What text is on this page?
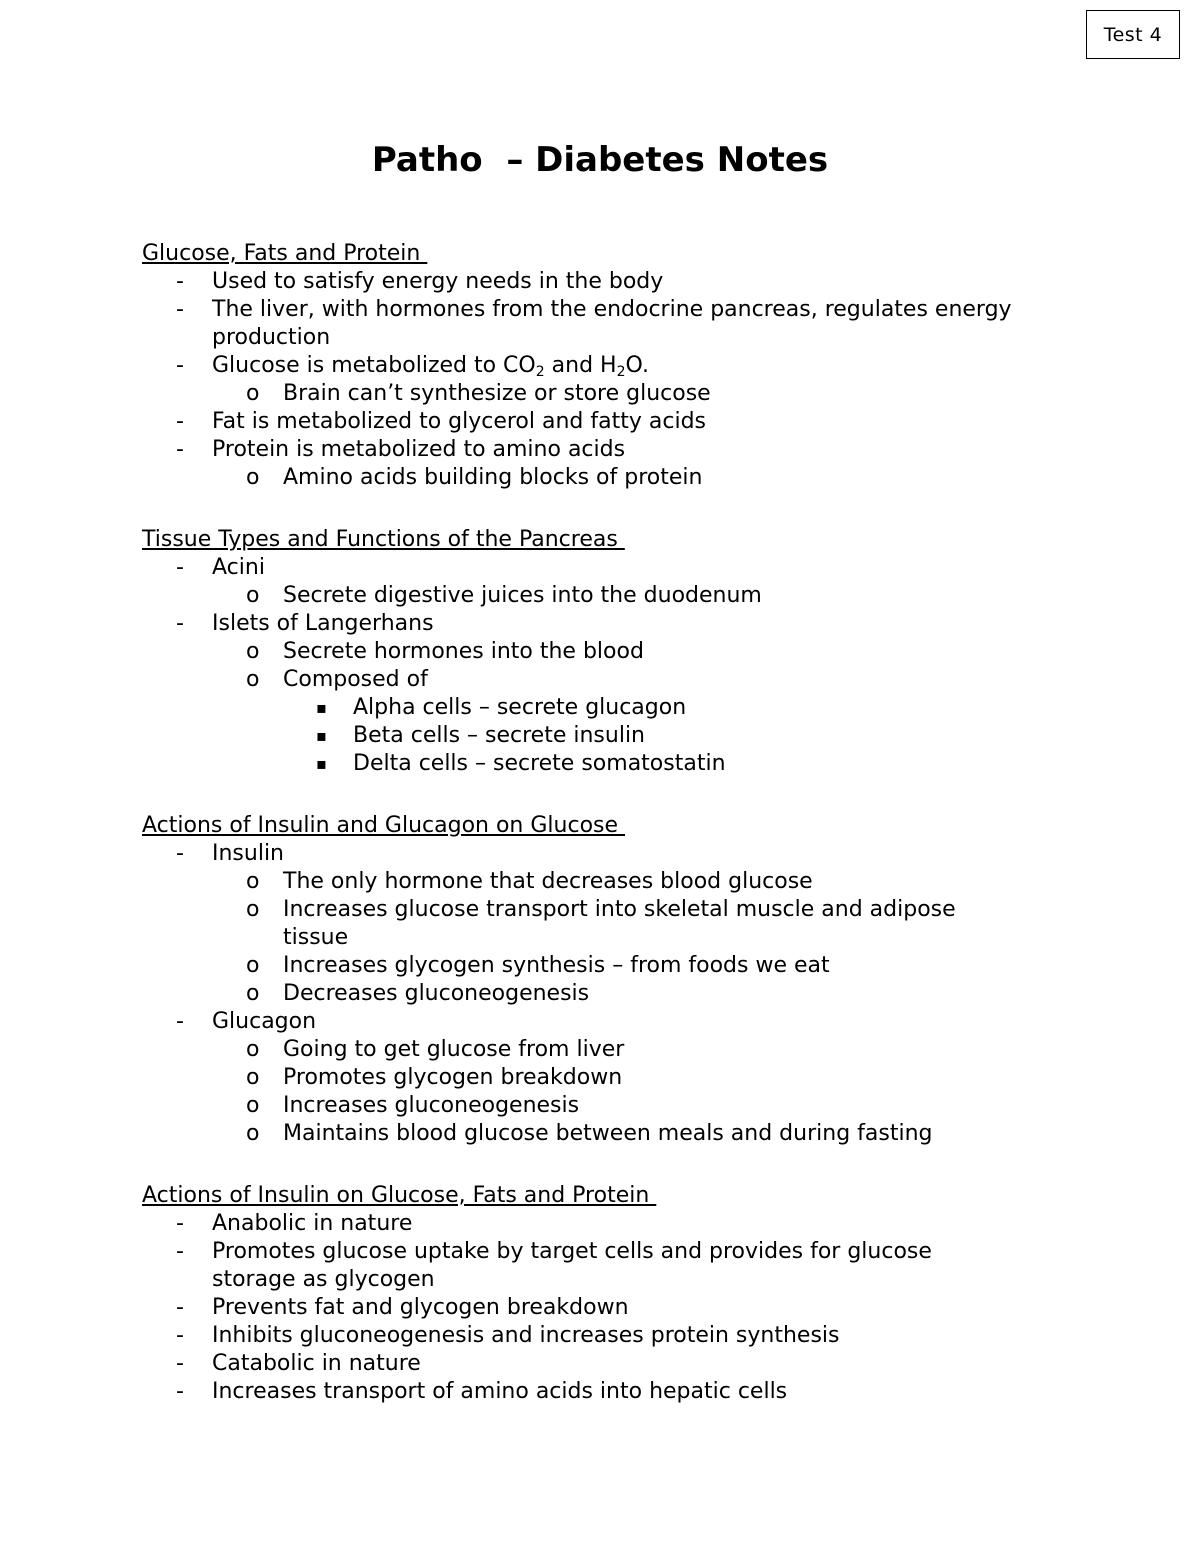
Test 4
Patho  – Diabetes Notes
Glucose, Fats and Protein
- Used to satisfy energy needs in the body
- The liver, with hormones from the endocrine pancreas, regulates energy production
- Glucose is metabolized to $CO_2$ and $H_2O$.
o Brain can’t synthesize or store glucose
- Fat is metabolized to glycerol and fatty acids
- Protein is metabolized to amino acids
o Amino acids building blocks of protein
Tissue Types and Functions of the Pancreas
- Acini
o Secrete digestive juices into the duodenum
- Islets of Langerhans
o Secrete hormones into the blood
o Composed of
▪ Alpha cells – secrete glucagon
▪ Beta cells – secrete insulin
▪ Delta cells – secrete somatostatin
Actions of Insulin and Glucagon on Glucose
- Insulin
o The only hormone that decreases blood glucose
o Increases glucose transport into skeletal muscle and adipose tissue
o Increases glycogen synthesis – from foods we eat
o Decreases gluconeogenesis
- Glucagon
o Going to get glucose from liver
o Promotes glycogen breakdown
o Increases gluconeogenesis
o Maintains blood glucose between meals and during fasting
Actions of Insulin on Glucose, Fats and Protein
- Anabolic in nature
- Promotes glucose uptake by target cells and provides for glucose storage as glycogen
- Prevents fat and glycogen breakdown
- Inhibits gluconeogenesis and increases protein synthesis
- Catabolic in nature
- Increases transport of amino acids into hepatic cells
